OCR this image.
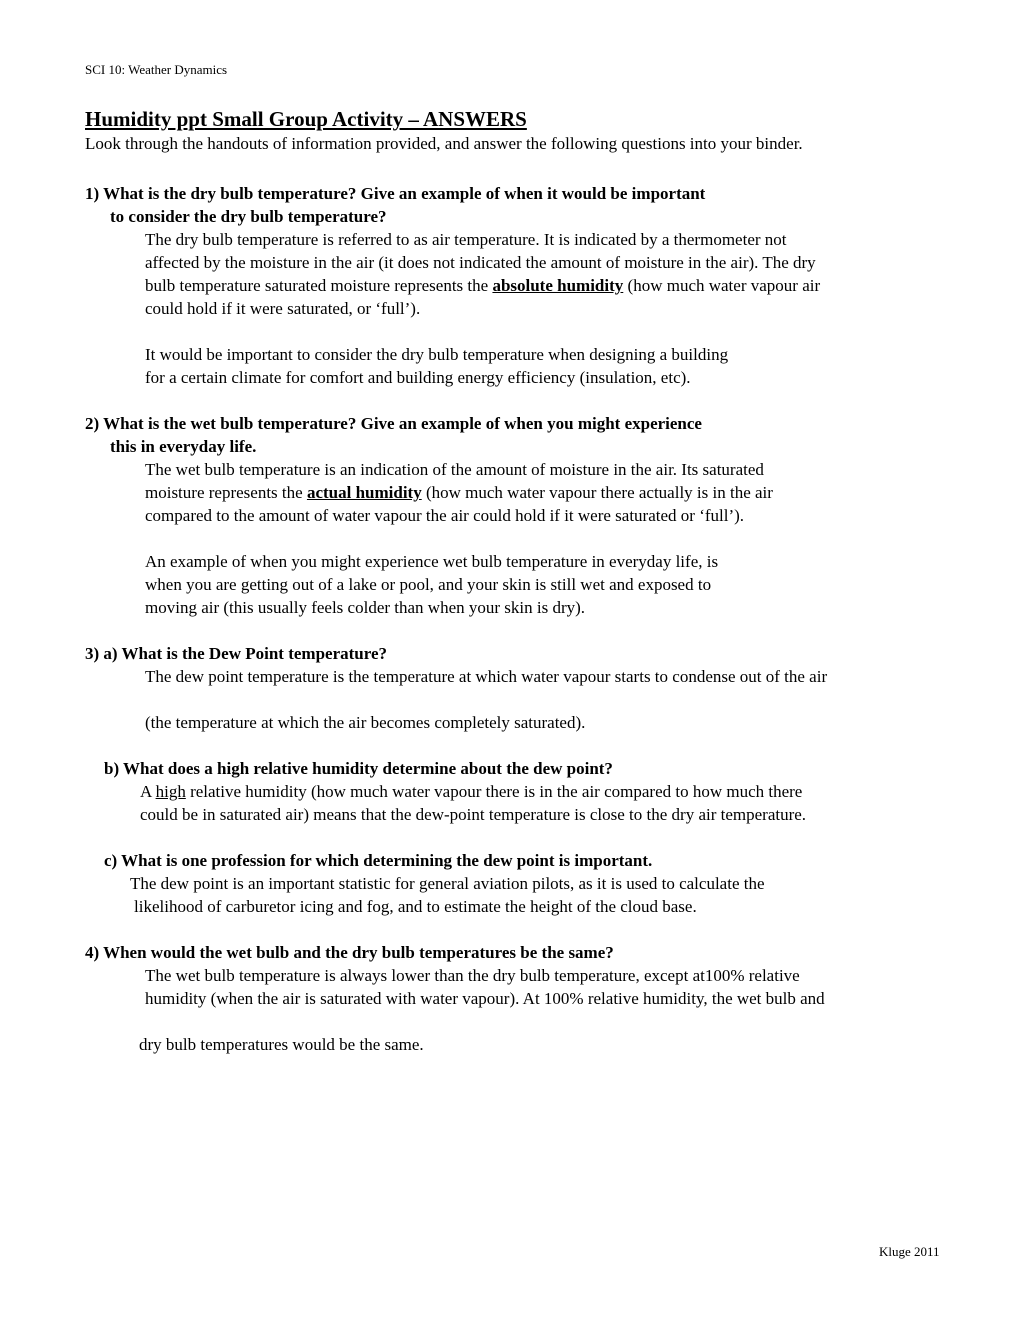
SCI 10: Weather Dynamics
Humidity ppt Small Group Activity – ANSWERS
Look through the handouts of information provided, and answer the following questions into your binder.
1) What is the dry bulb temperature? Give an example of when it would be important
to consider the dry bulb temperature?
The dry bulb temperature is referred to as air temperature. It is indicated by a thermometer not
affected by the moisture in the air (it does not indicated the amount of moisture in the air). The dry
bulb temperature saturated moisture represents the absolute humidity (how much water vapour air
could hold if it were saturated, or ‘full’).
It would be important to consider the dry bulb temperature when designing a building
for a certain climate for comfort and building energy efficiency (insulation, etc).
2) What is the wet bulb temperature? Give an example of when you might experience
this in everyday life.
The wet bulb temperature is an indication of the amount of moisture in the air. Its saturated
moisture represents the actual humidity (how much water vapour there actually is in the air
compared to the amount of water vapour the air could hold if it were saturated or ‘full’).
An example of when you might experience wet bulb temperature in everyday life, is
when you are getting out of a lake or pool, and your skin is still wet and exposed to
moving air (this usually feels colder than when your skin is dry).
3) a) What is the Dew Point temperature?
The dew point temperature is the temperature at which water vapour starts to condense out of the air
(the temperature at which the air becomes completely saturated).
b) What does a high relative humidity determine about the dew point?
A high relative humidity (how much water vapour there is in the air compared to how much there
could be in saturated air) means that the dew-point temperature is close to the dry air temperature.
c) What is one profession for which determining the dew point is important.
The dew point is an important statistic for general aviation pilots, as it is used to calculate the
likelihood of carburetor icing and fog, and to estimate the height of the cloud base.
4) When would the wet bulb and the dry bulb temperatures be the same?
The wet bulb temperature is always lower than the dry bulb temperature, except at100% relative
humidity (when the air is saturated with water vapour). At 100% relative humidity, the wet bulb and
dry bulb temperatures would be the same.
Kluge 2011
